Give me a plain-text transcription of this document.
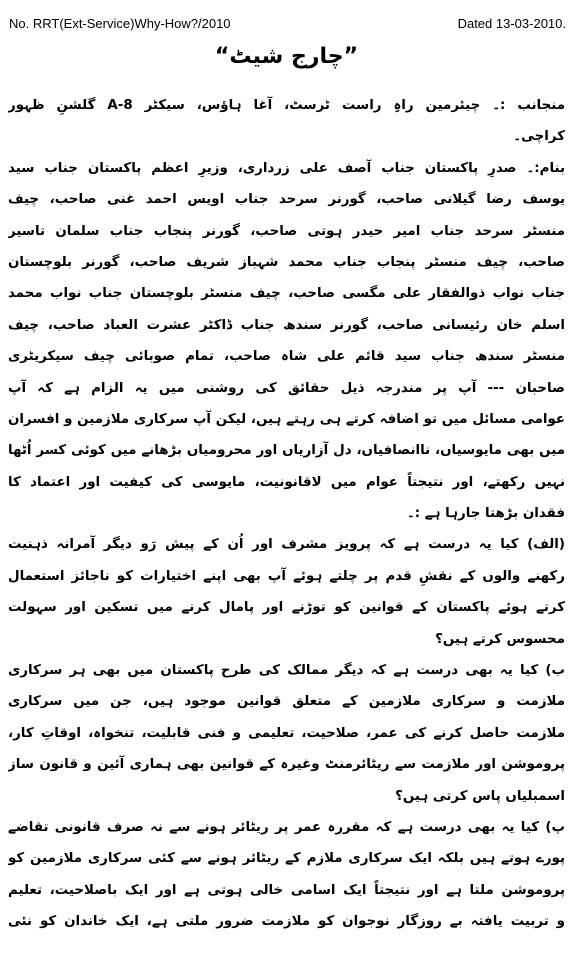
No. RRT(Ext-Service)Why-How?/2010	Dated 13-03-2010.
“چارج شیٹ”
منجانب :۔ چیئرمین راہِ راست ٹرسٹ، آغا ہاؤس، سیکٹر 8-A گلشنِ ظہور
کراچی۔
بنام:۔ صدرِ پاکستان جناب آصف علی زرداری، وزیرِ اعظم پاکستان جناب سید
یوسف رضا گیلانی صاحب، گورنر سرحد جناب اویس احمد غنی صاحب، چیف
منسٹر سرحد جناب امیر حیدر ہوتی صاحب، گورنر پنجاب جناب سلمان تاسیر
صاحب، چیف منسٹر پنجاب جناب محمد شہباز شریف صاحب، گورنر بلوچستان
جناب نواب ذوالفقار علی مگسی صاحب، چیف منسٹر بلوچستان جناب نواب محمد
اسلم خان رئیسانی صاحب، گورنر سندھ جناب ڈاکٹر عشرت العباد صاحب، چیف
منسٹر سندھ جناب سید قائم علی شاہ صاحب، تمام صوبائی چیف سیکریٹری
صاحبان --- آپ پر مندرجہ ذیل حقائق کی روشنی میں یہ الزام ہے کہ آپ
عوامی مسائل میں تو اضافہ کرتے ہی رہتے ہیں، لیکن آپ سرکاری ملازمین و افسران
میں بھی مایوسیاں، ناانصافیاں، دل آزاریاں اور محرومیاں بڑھانے میں کوئی کسر اُٹھا
نہیں رکھتے، اور نتیجتاً عوام میں لاقانونیت، مایوسی کی کیفیت اور اعتماد کا
فقدان بڑھتا جارہا ہے :۔
(الف) کیا یہ درست ہے کہ پرویز مشرف اور اُن کے پیش رَو دیگر آمرانہ ذہنیت
رکھنے والوں کے نقشِ قدم پر چلتے ہوئے آپ بھی اپنے اختیارات کو ناجائز استعمال
کرتے ہوئے پاکستان کے قوانین کو توڑنے اور پامال کرنے میں تسکین اور سہولت
محسوس کرتے ہیں؟
ب) کیا یہ بھی درست ہے کہ دیگر ممالک کی طرح پاکستان میں بھی ہر سرکاری
ملازمت و سرکاری ملازمین کے متعلق قوانین موجود ہیں، جن میں سرکاری
ملازمت حاصل کرنے کی عمر، صلاحیت، تعلیمی و فنی قابلیت، تنخواہ، اوقاتِ کار،
پروموشن اور ملازمت سے ریٹائرمنٹ وغیرہ کے قوانین بھی ہماری آئین و قانون ساز
اسمبلیاں پاس کرتی ہیں؟
پ) کیا یہ بھی درست ہے کہ مقررہ عمر پر ریٹائر ہونے سے نہ صرف قانونی تقاضے
پورے ہوتے ہیں بلکہ ایک سرکاری ملازم کے ریٹائر ہونے سے کئی سرکاری ملازمین کو
پروموشن ملتا ہے اور نتیجتاً ایک اسامی خالی ہوتی ہے اور ایک باصلاحیت، تعلیم
و تربیت یافتہ بے روزگار نوجوان کو ملازمت ضرور ملتی ہے، ایک خاندان کو نئی
